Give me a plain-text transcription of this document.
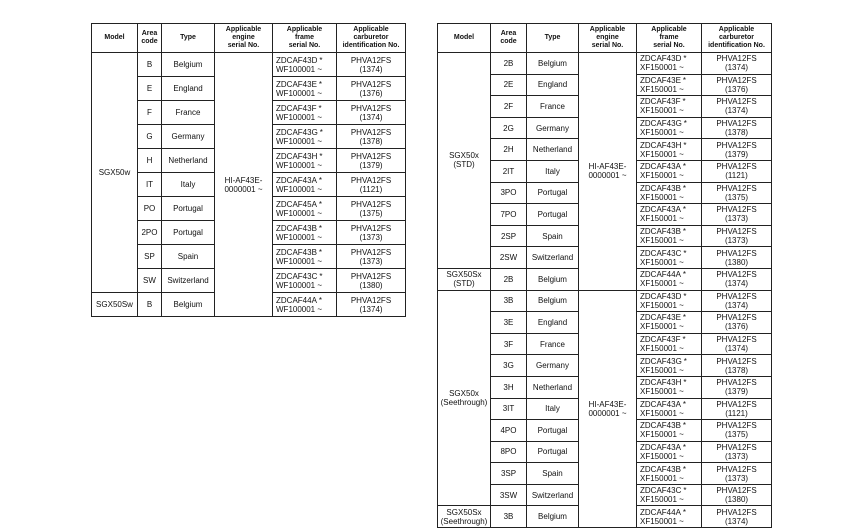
Model	Area
code	Type	Applicable
engine
serial No.	Applicable
frame
serial No.	Applicable
carburetor
identification No.

SGX50w	B	Belgium	HI-AF43E-0000001 ~	ZDCAF43D *
WF100001 ~	PHVA12FS
(1374)

	E	England		ZDCAF43E *
WF100001 ~	PHVA12FS
(1376)

	F	France		ZDCAF43F *
WF100001 ~	PHVA12FS
(1374)

	G	Germany		ZDCAF43G *
WF100001 ~	PHVA12FS
(1378)

	H	Netherland		ZDCAF43H *
WF100001 ~	PHVA12FS
(1379)

	IT	Italy		ZDCAF43A *
WF100001 ~	PHVA12FS
(1121)

	PO	Portugal		ZDCAF45A *
WF100001 ~	PHVA12FS
(1375)

	2PO	Portugal		ZDCAF43B *
WF100001 ~	PHVA12FS
(1373)

	SP	Spain		ZDCAF43B *
WF100001 ~	PHVA12FS
(1373)

	SW	Switzerland		ZDCAF43C *
WF100001 ~	PHVA12FS
(1380)

SGX50Sw	B	Belgium		ZDCAF44A *
WF100001 ~	PHVA12FS
(1374)
Model	Area
code	Type	Applicable
engine
serial No.	Applicable
frame
serial No.	Applicable
carburetor
identification No.

SGX50x
(STD)	2B	Belgium	HI-AF43E-0000001 ~	ZDCAF43D *
XF150001 ~	PHVA12FS
(1374)

	2E	England		ZDCAF43E *
XF150001 ~	PHVA12FS
(1376)

	2F	France		ZDCAF43F *
XF150001 ~	PHVA12FS
(1374)

	2G	Germany		ZDCAF43G *
XF150001 ~	PHVA12FS
(1378)

	2H	Netherland		ZDCAF43H *
XF150001 ~	PHVA12FS
(1379)

	2IT	Italy		ZDCAF43A *
XF150001 ~	PHVA12FS
(1121)

	3PO	Portugal		ZDCAF43B *
XF150001 ~	PHVA12FS
(1375)

	7PO	Portugal		ZDCAF43A *
XF150001 ~	PHVA12FS
(1373)

	2SP	Spain		ZDCAF43B *
XF150001 ~	PHVA12FS
(1373)

	2SW	Switzerland		ZDCAF43C *
XF150001 ~	PHVA12FS
(1380)

SGX50Sx
(STD)	2B	Belgium		ZDCAF44A *
XF150001 ~	PHVA12FS
(1374)

SGX50x
(Seethrough)	3B	Belgium	HI-AF43E-0000001 ~	ZDCAF43D *
XF150001 ~	PHVA12FS
(1374)

	3E	England		ZDCAF43E *
XF150001 ~	PHVA12FS
(1376)

	3F	France		ZDCAF43F *
XF150001 ~	PHVA12FS
(1374)

	3G	Germany		ZDCAF43G *
XF150001 ~	PHVA12FS
(1378)

	3H	Netherland		ZDCAF43H *
XF150001 ~	PHVA12FS
(1379)

	3IT	Italy		ZDCAF43A *
XF150001 ~	PHVA12FS
(1121)

	4PO	Portugal		ZDCAF43B *
XF150001 ~	PHVA12FS
(1375)

	8PO	Portugal		ZDCAF43A *
XF150001 ~	PHVA12FS
(1373)

	3SP	Spain		ZDCAF43B *
XF150001 ~	PHVA12FS
(1373)

	3SW	Switzerland		ZDCAF43C *
XF150001 ~	PHVA12FS
(1380)

SGX50Sx
(Seethrough)	3B	Belgium		ZDCAF44A *
XF150001 ~	PHVA12FS
(1374)
